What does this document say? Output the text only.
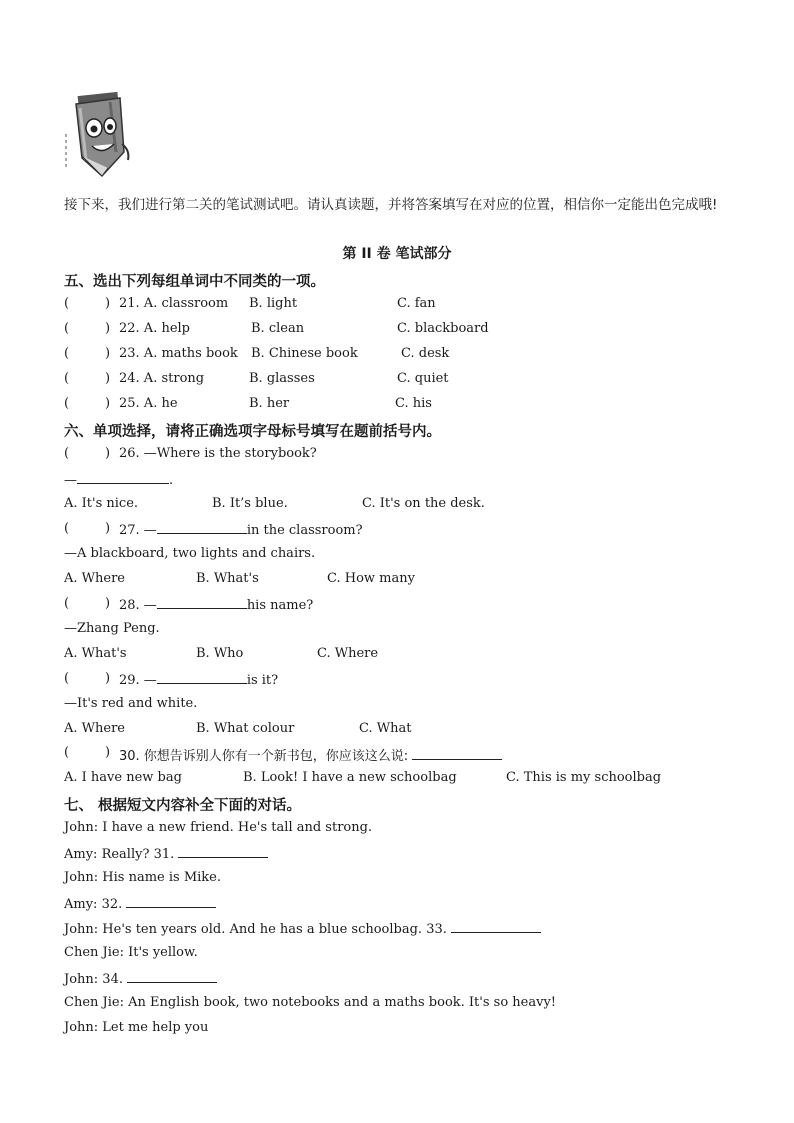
接下来，我们进行第二关的笔试测试吧。请认真读题，并将答案填写在对应的位置，相信你一定能出色完成哦!
第 II 卷 笔试部分
五、选出下列每组单词中不同类的一项。
(	) 21. A. classroom B. light	C. fan
(	) 22. A. help	B. clean	C. blackboard
(	) 23. A. maths book B. Chinese book	C. desk
(	) 24. A. strong	B. glasses	C. quiet
(	) 25. A. he	B. her	C. his
六、单项选择，请将正确选项字母标号填写在题前括号内。
(	) 26. —Where is the storybook?
—	.
A. It's nice.	B. It’s blue.	C. It's on the desk.
(	) 27. —	in the classroom?
—A blackboard, two lights and chairs.
A. Where	B. What's	C. How many
(	) 28. —	his name?
—Zhang Peng.
A. What's	B. Who	C. Where
(	) 29. —	is it?
—It's red and white.
A. Where	B. What colour	C. What
(	) 30. 你想告诉别人你有一个新书包，你应该这么说:
A. I have new bag	B. Look! I have a new schoolbag	C. This is my schoolbag
七、 根据短文内容补全下面的对话。
John: I have a new friend. He's tall and strong.
Amy: Really? 31.
John: His name is Mike.
Amy: 32.
John: He's ten years old. And he has a blue schoolbag. 33.
Chen Jie: It's yellow.
John: 34.
Chen Jie: An English book, two notebooks and a maths book. It's so heavy!
John: Let me help you
